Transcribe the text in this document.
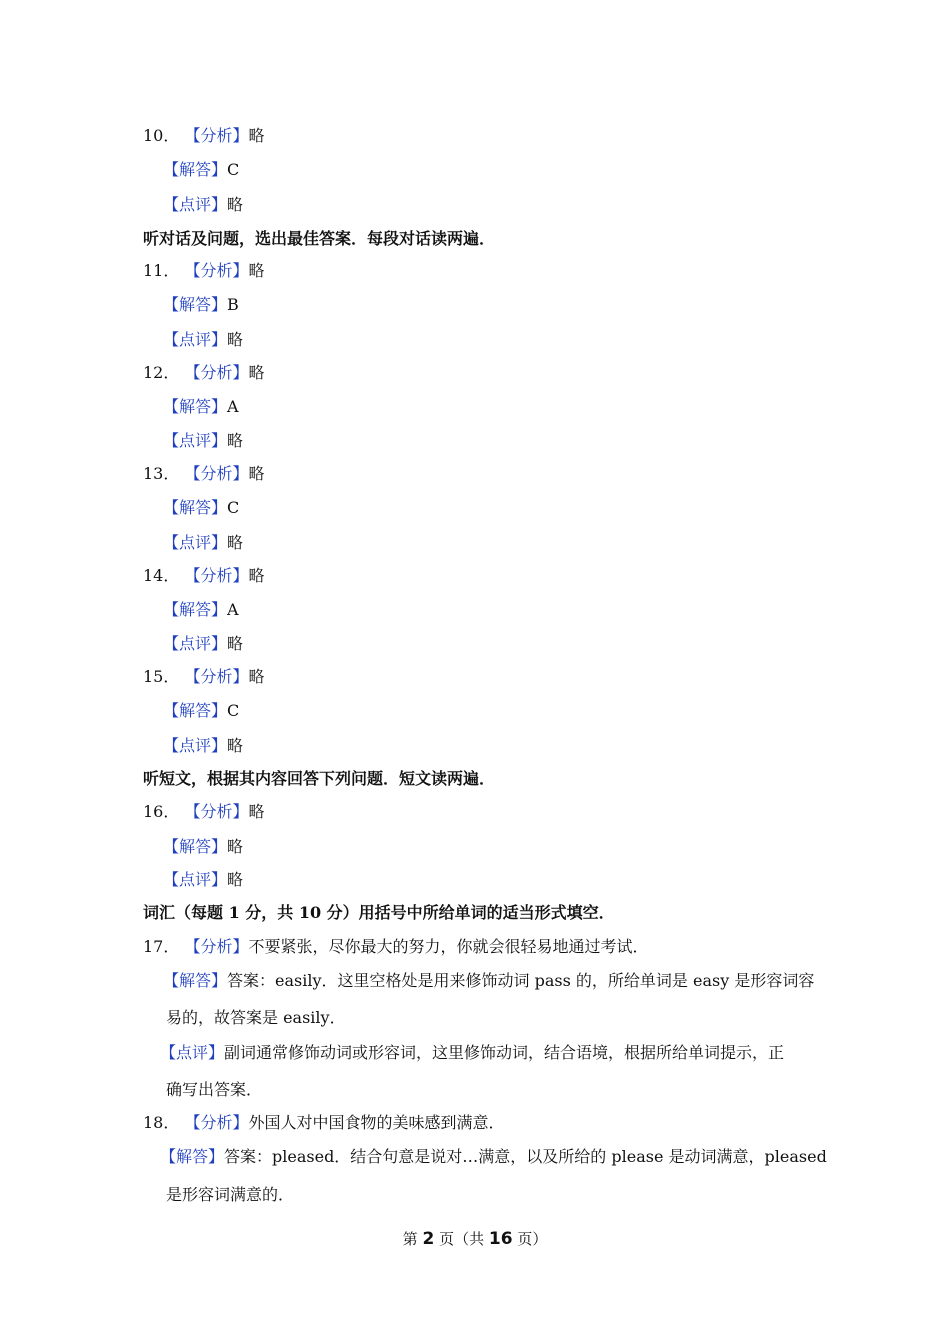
10． 【分析】略
【解答】C
【点评】略
听对话及问题，选出最佳答案．每段对话读两遍．
11． 【分析】略
【解答】B
【点评】略
12． 【分析】略
【解答】A
【点评】略
13． 【分析】略
【解答】C
【点评】略
14． 【分析】略
【解答】A
【点评】略
15． 【分析】略
【解答】C
【点评】略
听短文，根据其内容回答下列问题．短文读两遍．
16． 【分析】略
【解答】略
【点评】略
词汇（每题 1 分，共 10 分）用括号中所给单词的适当形式填空．
17． 【分析】不要紧张，尽你最大的努力，你就会很轻易地通过考试．
【解答】答案：easily．这里空格处是用来修饰动词 pass 的，所给单词是 easy 是形容词容
易的，故答案是 easily．
【点评】副词通常修饰动词或形容词，这里修饰动词，结合语境，根据所给单词提示，正
确写出答案．
18． 【分析】外国人对中国食物的美味感到满意．
【解答】答案：pleased．结合句意是说对…满意，以及所给的 please 是动词满意，pleased
是形容词满意的．
第 2 页（共 16 页）
